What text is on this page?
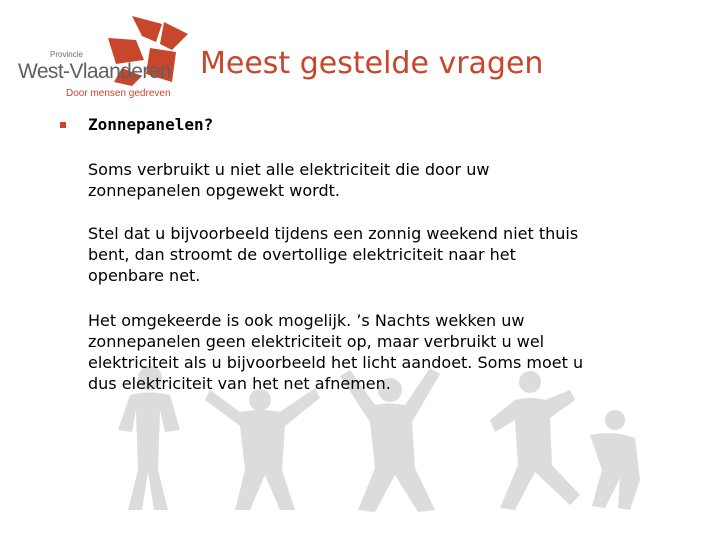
Provincie
West-Vlaanderen
Door mensen gedreven
Meest gestelde vragen
Zonnepanelen?
Soms verbruikt u niet alle elektriciteit die door uw
zonnepanelen opgewekt wordt.
Stel dat u bijvoorbeeld tijdens een zonnig weekend niet thuis
bent, dan stroomt de overtollige elektriciteit naar het
openbare net.
Het omgekeerde is ook mogelijk. ’s Nachts wekken uw
zonnepanelen geen elektriciteit op, maar verbruikt u wel
elektriciteit als u bijvoorbeeld het licht aandoet. Soms moet u
dus elektriciteit van het net afnemen.
